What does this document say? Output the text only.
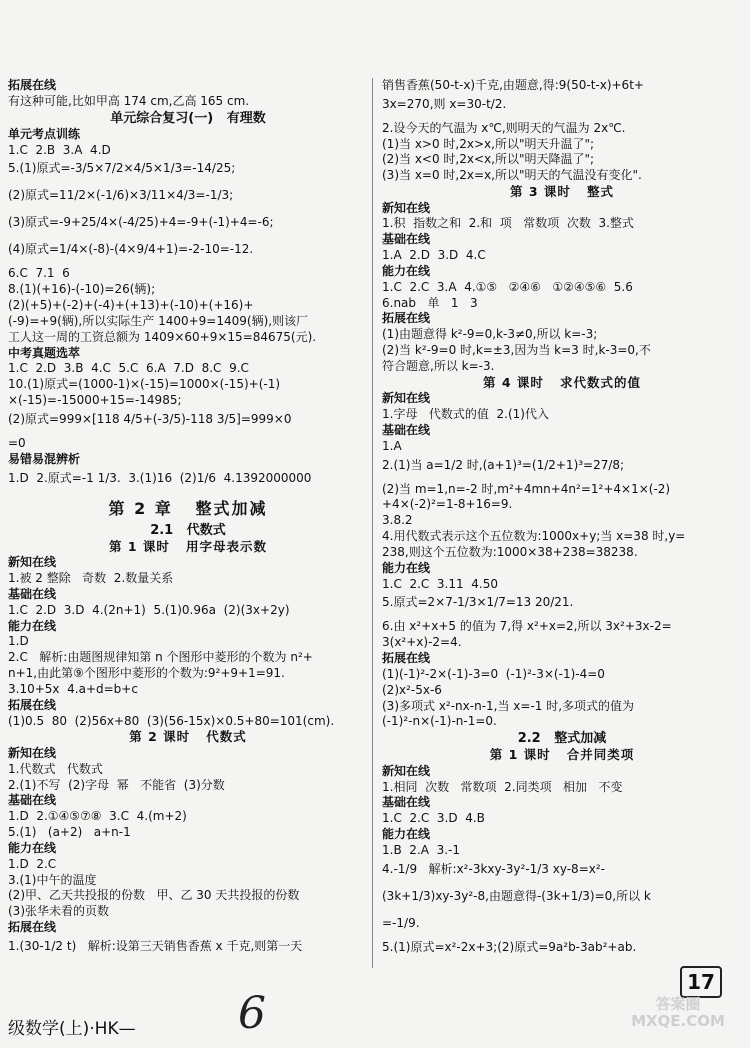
拓展在线
有这种可能,比如甲高 174 cm,乙高 165 cm.
单元综合复习(一)   有理数
单元考点训练
1.C  2.B  3.A  4.D
5.(1)原式=-3/5×7/2×4/5×1/3=-14/25;
(2)原式=11/2×(-1/6)×3/11×4/3=-1/3;
(3)原式=-9+25/4×(-4/25)+4=-9+(-1)+4=-6;
(4)原式=1/4×(-8)-(4×9/4+1)=-2-10=-12.
6.C  7.1  6
8.(1)(+16)-(-10)=26(辆);
(2)(+5)+(-2)+(-4)+(+13)+(-10)+(+16)+
(-9)=+9(辆),所以实际生产 1400+9=1409(辆),则该厂
工人这一周的工资总额为 1409×60+9×15=84675(元).
中考真题选萃
1.C  2.D  3.B  4.C  5.C  6.A  7.D  8.C  9.C
10.(1)原式=(1000-1)×(-15)=1000×(-15)+(-1)
×(-15)=-15000+15=-14985;
(2)原式=999×[118 4/5+(-3/5)-118 3/5]=999×0
=0
易错易混辨析
1.D  2.原式=-1 1/3.  3.(1)16  (2)1/6  4.1392000000
第 2 章   整式加减
2.1   代数式
第 1 课时   用字母表示数
新知在线
1.被 2 整除   奇数  2.数量关系
基础在线
1.C  2.D  3.D  4.(2n+1)  5.(1)0.96a  (2)(3x+2y)
能力在线
1.D
2.C   解析:由题图规律知第 n 个图形中菱形的个数为 n²+
n+1,由此第⑨个图形中菱形的个数为:9²+9+1=91.
3.10+5x  4.a+d=b+c
拓展在线
(1)0.5  80  (2)56x+80  (3)(56-15x)×0.5+80=101(cm).
第 2 课时   代数式
新知在线
1.代数式   代数式
2.(1)不写  (2)字母  幂   不能省  (3)分数
基础在线
1.D  2.①④⑤⑦⑧  3.C  4.(m+2)
5.(1)   (a+2)   a+n-1
能力在线
1.D  2.C
3.(1)中午的温度
(2)甲、乙天共投报的份数   甲、乙 30 天共投报的份数
(3)张华未看的页数
拓展在线
1.(30-1/2 t)   解析:设第三天销售香蕉 x 千克,则第一天
销售香蕉(50-t-x)千克,由题意,得:9(50-t-x)+6t+
3x=270,则 x=30-t/2.
2.设今天的气温为 x℃,则明天的气温为 2x℃.
(1)当 x>0 时,2x>x,所以"明天升温了";
(2)当 x<0 时,2x<x,所以"明天降温了";
(3)当 x=0 时,2x=x,所以"明天的气温没有变化".
第 3 课时   整式
新知在线
1.积  指数之和  2.和  项   常数项  次数  3.整式
基础在线
1.A  2.D  3.D  4.C
能力在线
1.C  2.C  3.A  4.①⑤   ②④⑥   ①②④⑤⑥  5.6
6.nab   单   1   3
拓展在线
(1)由题意得 k²-9=0,k-3≠0,所以 k=-3;
(2)当 k²-9=0 时,k=±3,因为当 k=3 时,k-3=0,不
符合题意,所以 k=-3.
第 4 课时   求代数式的值
新知在线
1.字母   代数式的值  2.(1)代入
基础在线
1.A
2.(1)当 a=1/2 时,(a+1)³=(1/2+1)³=27/8;
(2)当 m=1,n=-2 时,m²+4mn+4n²=1²+4×1×(-2)
+4×(-2)²=1-8+16=9.
3.8.2
4.用代数式表示这个五位数为:1000x+y;当 x=38 时,y=
238,则这个五位数为:1000×38+238=38238.
能力在线
1.C  2.C  3.11  4.50
5.原式=2×7-1/3×1/7=13 20/21.
6.由 x²+x+5 的值为 7,得 x²+x=2,所以 3x²+3x-2=
3(x²+x)-2=4.
拓展在线
(1)(-1)²-2×(-1)-3=0  (-1)²-3×(-1)-4=0
(2)x²-5x-6
(3)多项式 x²-nx-n-1,当 x=-1 时,多项式的值为
(-1)²-n×(-1)-n-1=0.
2.2   整式加减
第 1 课时   合并同类项
新知在线
1.相同  次数   常数项  2.同类项   相加   不变
基础在线
1.C  2.C  3.D  4.B
能力在线
1.B  2.A  3.-1
4.-1/9   解析:x²-3kxy-3y²-1/3 xy-8=x²-
(3k+1/3)xy-3y²-8,由题意得-(3k+1/3)=0,所以 k
=-1/9.
5.(1)原式=x²-2x+3;(2)原式=9a²b-3ab²+ab.
级数学(上)·HK— 6
17
答案圈 MXQE.COM
